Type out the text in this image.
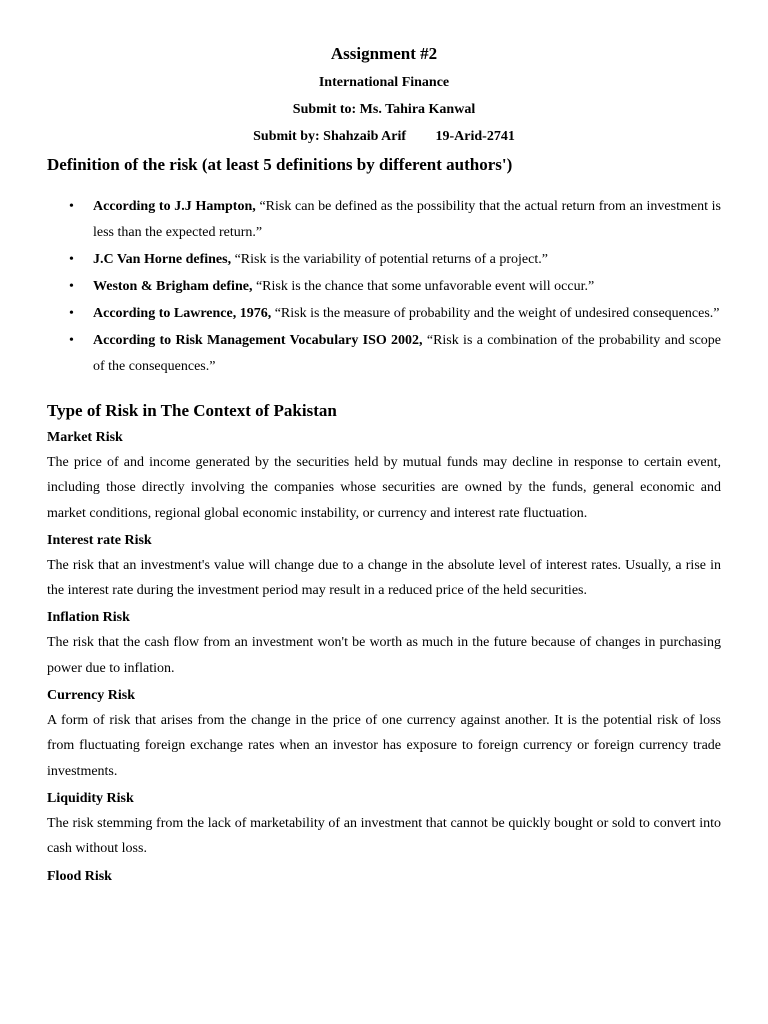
Assignment #2
International Finance
Submit to: Ms. Tahira Kanwal
Submit by: Shahzaib Arif 19-Arid-2741
Definition of the risk (at least 5 definitions by different authors')
• According to J.J Hampton, “Risk can be defined as the possibility that the actual return from an investment is less than the expected return.”
• J.C Van Horne defines, “Risk is the variability of potential returns of a project.”
• Weston & Brigham define, “Risk is the chance that some unfavorable event will occur.”
• According to Lawrence, 1976, “Risk is the measure of probability and the weight of undesired consequences.”
• According to Risk Management Vocabulary ISO 2002, “Risk is a combination of the probability and scope of the consequences.”
Type of Risk in The Context of Pakistan
Market Risk

The price of and income generated by the securities held by mutual funds may decline in response to certain event, including those directly involving the companies whose securities are owned by the funds, general economic and market conditions, regional global economic instability, or currency and interest rate fluctuation.

Interest rate Risk

The risk that an investment's value will change due to a change in the absolute level of interest rates. Usually, a rise in the interest rate during the investment period may result in a reduced price of the held securities.

Inflation Risk

The risk that the cash flow from an investment won't be worth as much in the future because of changes in purchasing power due to inflation.

Currency Risk

A form of risk that arises from the change in the price of one currency against another. It is the potential risk of loss from fluctuating foreign exchange rates when an investor has exposure to foreign currency or foreign currency trade investments.

Liquidity Risk

The risk stemming from the lack of marketability of an investment that cannot be quickly bought or sold to convert into cash without loss.

Flood Risk
